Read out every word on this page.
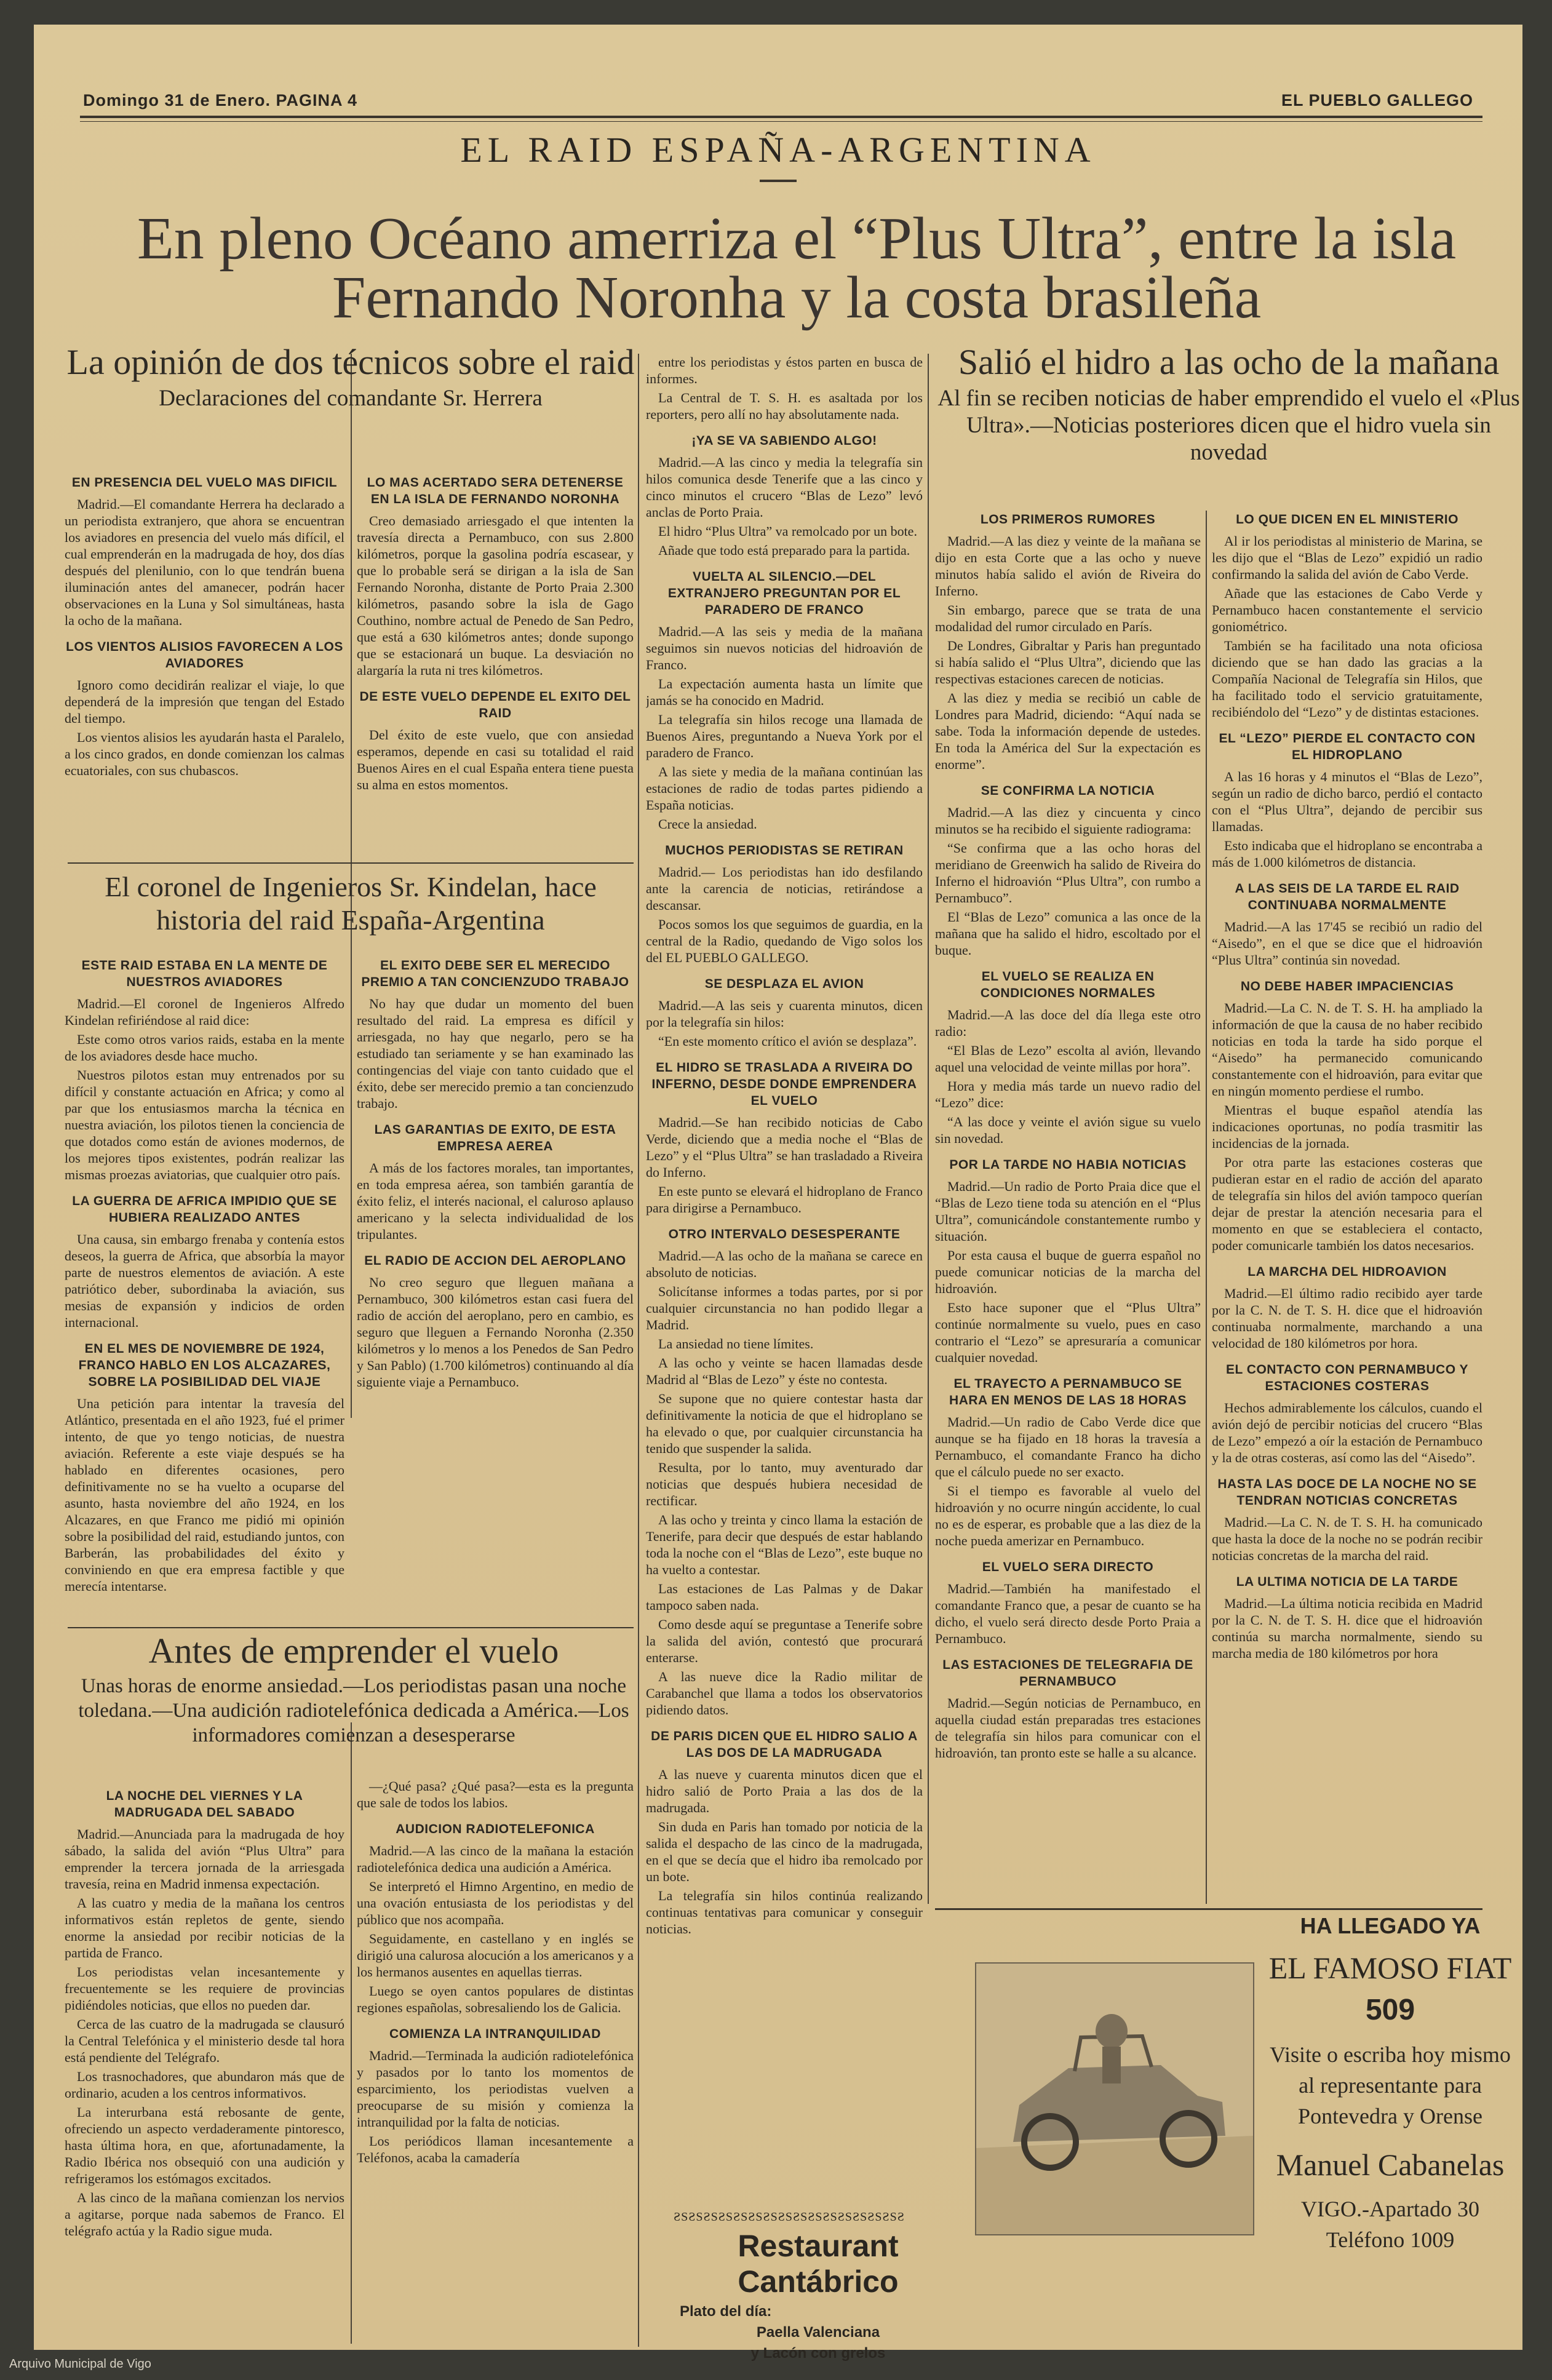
Domingo 31 de Enero. PAGINA 4	EL PUEBLO GALLEGO
EL RAID ESPAÑA-ARGENTINA
En pleno Océano amerriza el “Plus Ultra”, entre la isla
Fernando Noronha y la costa brasileña
La opinión de dos técnicos sobre el raid
Declaraciones del comandante Sr. Herrera
EN PRESENCIA DEL VUELO MAS DIFICIL
Madrid.—El comandante Herrera ha declarado a un periodista extranjero, que ahora se encuentran los aviadores en presencia del vuelo más difícil, el cual emprenderán en la madrugada de hoy, dos días después del plenilunio, con lo que tendrán buena iluminación antes del amanecer, podrán hacer observaciones en la Luna y Sol simultáneas, hasta la ocho de la mañana.
LOS VIENTOS ALISIOS FAVORECEN A LOS AVIADORES
Ignoro como decidirán realizar el viaje, lo que dependerá de la impresión que tengan del Estado del tiempo.
Los vientos alisios les ayudarán hasta el Paralelo, a los cinco grados, en donde comienzan los calmas ecuatoriales, con sus chubascos.
LO MAS ACERTADO SERA DETENERSE EN LA ISLA DE FERNANDO NORONHA
Creo demasiado arriesgado el que intenten la travesía directa a Pernambuco, con sus 2.800 kilómetros, porque la gasolina podría escasear, y que lo probable será se dirigan a la isla de San Fernando Noronha, distante de Porto Praia 2.300 kilómetros, pasando sobre la isla de Gago Couthino, nombre actual de Penedo de San Pedro, que está a 630 kilómetros antes; donde supongo que se estacionará un buque. La desviación no alargaría la ruta ni tres kilómetros.
DE ESTE VUELO DEPENDE EL EXITO DEL RAID
Del éxito de este vuelo, que con ansiedad esperamos, depende en casi su totalidad el raid Buenos Aires en el cual España entera tiene puesta su alma en estos momentos.
El coronel de Ingenieros Sr. Kindelan, hace historia del raid España-Argentina
ESTE RAID ESTABA EN LA MENTE DE NUESTROS AVIADORES
Madrid.—El coronel de Ingenieros Alfredo Kindelan refiriéndose al raid dice:
Este como otros varios raids, estaba en la mente de los aviadores desde hace mucho.
Nuestros pilotos estan muy entrenados por su difícil y constante actuación en Africa; y como al par que los entusiasmos marcha la técnica en nuestra aviación, los pilotos tienen la conciencia de que dotados como están de aviones modernos, de los mejores tipos existentes, podrán realizar las mismas proezas aviatorias, que cualquier otro país.
LA GUERRA DE AFRICA IMPIDIO QUE SE HUBIERA REALIZADO ANTES
Una causa, sin embargo frenaba y contenía estos deseos, la guerra de Africa, que absorbía la mayor parte de nuestros elementos de aviación. A este patriótico deber, subordinaba la aviación, sus mesias de expansión y indicios de orden internacional.
EN EL MES DE NOVIEMBRE DE 1924, FRANCO HABLO EN LOS ALCAZARES, SOBRE LA POSIBILIDAD DEL VIAJE
Una petición para intentar la travesía del Atlántico, presentada en el año 1923, fué el primer intento, de que yo tengo noticias, de nuestra aviación. Referente a este viaje después se ha hablado en diferentes ocasiones, pero definitivamente no se ha vuelto a ocuparse del asunto, hasta noviembre del año 1924, en los Alcazares, en que Franco me pidió mi opinión sobre la posibilidad del raid, estudiando juntos, con Barberán, las probabilidades del éxito y conviniendo en que era empresa factible y que merecía intentarse.
EL EXITO DEBE SER EL MERECIDO PREMIO A TAN CONCIENZUDO TRABAJO
No hay que dudar un momento del buen resultado del raid. La empresa es difícil y arriesgada, no hay que negarlo, pero se ha estudiado tan seriamente y se han examinado las contingencias del viaje con tanto cuidado que el éxito, debe ser merecido premio a tan concienzudo trabajo.
LAS GARANTIAS DE EXITO, DE ESTA EMPRESA AEREA
A más de los factores morales, tan importantes, en toda empresa aérea, son también garantía de éxito feliz, el interés nacional, el caluroso aplauso americano y la selecta individualidad de los tripulantes.
EL RADIO DE ACCION DEL AEROPLANO
No creo seguro que lleguen mañana a Pernambuco, 300 kilómetros estan casi fuera del radio de acción del aeroplano, pero en cambio, es seguro que lleguen a Fernando Noronha (2.350 kilómetros y lo menos a los Penedos de San Pedro y San Pablo) (1.700 kilómetros) continuando al día siguiente viaje a Pernambuco.
Antes de emprender el vuelo
Unas horas de enorme ansiedad.—Los periodistas pasan una noche toledana.—Una audición radiotelefónica dedicada a América.—Los informadores comienzan a desesperarse
LA NOCHE DEL VIERNES Y LA MADRUGADA DEL SABADO
Madrid.—Anunciada para la madrugada de hoy sábado, la salida del avión “Plus Ultra” para emprender la tercera jornada de la arriesgada travesía, reina en Madrid inmensa expectación.
A las cuatro y media de la mañana los centros informativos están repletos de gente, siendo enorme la ansiedad por recibir noticias de la partida de Franco.
Los periodistas velan incesantemente y frecuentemente se les requiere de provincias pidiéndoles noticias, que ellos no pueden dar.
Cerca de las cuatro de la madrugada se clausuró la Central Telefónica y el ministerio desde tal hora está pendiente del Telégrafo.
Los trasnochadores, que abundaron más que de ordinario, acuden a los centros informativos.
La interurbana está rebosante de gente, ofreciendo un aspecto verdaderamente pintoresco, hasta última hora, en que, afortunadamente, la Radio Ibérica nos obsequió con una audición y refrigeramos los estómagos excitados.
A las cinco de la mañana comienzan los nervios a agitarse, porque nada sabemos de Franco. El telégrafo actúa y la Radio sigue muda.
—¿Qué pasa? ¿Qué pasa?—esta es la pregunta que sale de todos los labios.
AUDICION RADIOTELEFONICA
Madrid.—A las cinco de la mañana la estación radiotelefónica dedica una audición a América.
Se interpretó el Himno Argentino, en medio de una ovación entusiasta de los periodistas y del público que nos acompaña.
Seguidamente, en castellano y en inglés se dirigió una calurosa alocución a los americanos y a los hermanos ausentes en aquellas tierras.
Luego se oyen cantos populares de distintas regiones españolas, sobresaliendo los de Galicia.
COMIENZA LA INTRANQUILIDAD
Madrid.—Terminada la audición radiotelefónica y pasados por lo tanto los momentos de esparcimiento, los periodistas vuelven a preocuparse de su misión y comienza la intranquilidad por la falta de noticias.
Los periódicos llaman incesantemente a Teléfonos, acaba la camadería
entre los periodistas y éstos parten en busca de informes.
La Central de T. S. H. es asaltada por los reporters, pero allí no hay absolutamente nada.
¡YA SE VA SABIENDO ALGO!
Madrid.—A las cinco y media la telegrafía sin hilos comunica desde Tenerife que a las cinco y cinco minutos el crucero “Blas de Lezo” levó anclas de Porto Praia.
El hidro “Plus Ultra” va remolcado por un bote.
Añade que todo está preparado para la partida.
VUELTA AL SILENCIO.—DEL EXTRANJERO PREGUNTAN POR EL PARADERO DE FRANCO
Madrid.—A las seis y media de la mañana seguimos sin nuevos noticias del hidroavión de Franco.
La expectación aumenta hasta un límite que jamás se ha conocido en Madrid.
La telegrafía sin hilos recoge una llamada de Buenos Aires, preguntando a Nueva York por el paradero de Franco.
A las siete y media de la mañana continúan las estaciones de radio de todas partes pidiendo a España noticias.
Crece la ansiedad.
MUCHOS PERIODISTAS SE RETIRAN
Madrid.— Los periodistas han ido desfilando ante la carencia de noticias, retirándose a descansar.
Pocos somos los que seguimos de guardia, en la central de la Radio, quedando de Vigo solos los del EL PUEBLO GALLEGO.
SE DESPLAZA EL AVION
Madrid.—A las seis y cuarenta minutos, dicen por la telegrafía sin hilos:
“En este momento crítico el avión se desplaza”.
EL HIDRO SE TRASLADA A RIVEIRA DO INFERNO, DESDE DONDE EMPRENDERA EL VUELO
Madrid.—Se han recibido noticias de Cabo Verde, diciendo que a media noche el “Blas de Lezo” y el “Plus Ultra” se han trasladado a Riveira do Inferno.
En este punto se elevará el hidroplano de Franco para dirigirse a Pernambuco.
OTRO INTERVALO DESESPERANTE
Madrid.—A las ocho de la mañana se carece en absoluto de noticias.
Solicítanse informes a todas partes, por si por cualquier circunstancia no han podido llegar a Madrid.
La ansiedad no tiene límites.
A las ocho y veinte se hacen llamadas desde Madrid al “Blas de Lezo” y éste no contesta.
Se supone que no quiere contestar hasta dar definitivamente la noticia de que el hidroplano se ha elevado o que, por cualquier circunstancia ha tenido que suspender la salida.
Resulta, por lo tanto, muy aventurado dar noticias que después hubiera necesidad de rectificar.
A las ocho y treinta y cinco llama la estación de Tenerife, para decir que después de estar hablando toda la noche con el “Blas de Lezo”, este buque no ha vuelto a contestar.
Las estaciones de Las Palmas y de Dakar tampoco saben nada.
Como desde aquí se preguntase a Tenerife sobre la salida del avión, contestó que procurará enterarse.
A las nueve dice la Radio militar de Carabanchel que llama a todos los observatorios pidiendo datos.
DE PARIS DICEN QUE EL HIDRO SALIO A LAS DOS DE LA MADRUGADA
A las nueve y cuarenta minutos dicen que el hidro salió de Porto Praia a las dos de la madrugada.
Sin duda en Paris han tomado por noticia de la salida el despacho de las cinco de la madrugada, en el que se decía que el hidro iba remolcado por un bote.
La telegrafía sin hilos continúa realizando continuas tentativas para comunicar y conseguir noticias.
ƧSƧSƧSƧSƧSƧSƧSƧSƧSƧSƧSƧSƧSƧSƧSƧ
Restaurant Cantábrico
Plato del día:
Paella Valenciana
y Lacón con grelos
Salió el hidro a las ocho de la mañana
Al fin se reciben noticias de haber emprendido el vuelo el «Plus Ultra».—Noticias posteriores dicen que el hidro vuela sin novedad
LOS PRIMEROS RUMORES
Madrid.—A las diez y veinte de la mañana se dijo en esta Corte que a las ocho y nueve minutos había salido el avión de Riveira do Inferno.
Sin embargo, parece que se trata de una modalidad del rumor circulado en París.
De Londres, Gibraltar y Paris han preguntado si había salido el “Plus Ultra”, diciendo que las respectivas estaciones carecen de noticias.
A las diez y media se recibió un cable de Londres para Madrid, diciendo: “Aquí nada se sabe. Toda la información depende de ustedes. En toda la América del Sur la expectación es enorme”.
SE CONFIRMA LA NOTICIA
Madrid.—A las diez y cincuenta y cinco minutos se ha recibido el siguiente radiograma:
“Se confirma que a las ocho horas del meridiano de Greenwich ha salido de Riveira do Inferno el hidroavión “Plus Ultra”, con rumbo a Pernambuco”.
El “Blas de Lezo” comunica a las once de la mañana que ha salido el hidro, escoltado por el buque.
EL VUELO SE REALIZA EN CONDICIONES NORMALES
Madrid.—A las doce del día llega este otro radio:
“El Blas de Lezo” escolta al avión, llevando aquel una velocidad de veinte millas por hora”.
Hora y media más tarde un nuevo radio del “Lezo” dice:
“A las doce y veinte el avión sigue su vuelo sin novedad.
POR LA TARDE NO HABIA NOTICIAS
Madrid.—Un radio de Porto Praia dice que el “Blas de Lezo tiene toda su atención en el “Plus Ultra”, comunicándole constantemente rumbo y situación.
Por esta causa el buque de guerra español no puede comunicar noticias de la marcha del hidroavión.
Esto hace suponer que el “Plus Ultra” continúe normalmente su vuelo, pues en caso contrario el “Lezo” se apresuraría a comunicar cualquier novedad.
EL TRAYECTO A PERNAMBUCO SE HARA EN MENOS DE LAS 18 HORAS
Madrid.—Un radio de Cabo Verde dice que aunque se ha fijado en 18 horas la travesía a Pernambuco, el comandante Franco ha dicho que el cálculo puede no ser exacto.
Si el tiempo es favorable al vuelo del hidroavión y no ocurre ningún accidente, lo cual no es de esperar, es probable que a las diez de la noche pueda amerizar en Pernambuco.
EL VUELO SERA DIRECTO
Madrid.—También ha manifestado el comandante Franco que, a pesar de cuanto se ha dicho, el vuelo será directo desde Porto Praia a Pernambuco.
LAS ESTACIONES DE TELEGRAFIA DE PERNAMBUCO
Madrid.—Según noticias de Pernambuco, en aquella ciudad están preparadas tres estaciones de telegrafía sin hilos para comunicar con el hidroavión, tan pronto este se halle a su alcance.
LO QUE DICEN EN EL MINISTERIO
Al ir los periodistas al ministerio de Marina, se les dijo que el “Blas de Lezo” expidió un radio confirmando la salida del avión de Cabo Verde.
Añade que las estaciones de Cabo Verde y Pernambuco hacen constantemente el servicio goniométrico.
También se ha facilitado una nota oficiosa diciendo que se han dado las gracias a la Compañía Nacional de Telegrafía sin Hilos, que ha facilitado todo el servicio gratuitamente, recibiéndolo del “Lezo” y de distintas estaciones.
EL “LEZO” PIERDE EL CONTACTO CON EL HIDROPLANO
A las 16 horas y 4 minutos el “Blas de Lezo”, según un radio de dicho barco, perdió el contacto con el “Plus Ultra”, dejando de percibir sus llamadas.
Esto indicaba que el hidroplano se encontraba a más de 1.000 kilómetros de distancia.
A LAS SEIS DE LA TARDE EL RAID CONTINUABA NORMALMENTE
Madrid.—A las 17'45 se recibió un radio del “Aisedo”, en el que se dice que el hidroavión “Plus Ultra” continúa sin novedad.
NO DEBE HABER IMPACIENCIAS
Madrid.—La C. N. de T. S. H. ha ampliado la información de que la causa de no haber recibido noticias en toda la tarde ha sido porque el “Aisedo” ha permanecido comunicando constantemente con el hidroavión, para evitar que en ningún momento perdiese el rumbo.
Mientras el buque español atendía las indicaciones oportunas, no podía trasmitir las incidencias de la jornada.
Por otra parte las estaciones costeras que pudieran estar en el radio de acción del aparato de telegrafía sin hilos del avión tampoco querían dejar de prestar la atención necesaria para el momento en que se estableciera el contacto, poder comunicarle también los datos necesarios.
LA MARCHA DEL HIDROAVION
Madrid.—El último radio recibido ayer tarde por la C. N. de T. S. H. dice que el hidroavión continuaba normalmente, marchando a una velocidad de 180 kilómetros por hora.
EL CONTACTO CON PERNAMBUCO Y ESTACIONES COSTERAS
Hechos admirablemente los cálculos, cuando el avión dejó de percibir noticias del crucero “Blas de Lezo” empezó a oír la estación de Pernambuco y la de otras costeras, así como las del “Aisedo”.
HASTA LAS DOCE DE LA NOCHE NO SE TENDRAN NOTICIAS CONCRETAS
Madrid.—La C. N. de T. S. H. ha comunicado que hasta la doce de la noche no se podrán recibir noticias concretas de la marcha del raid.
LA ULTIMA NOTICIA DE LA TARDE
Madrid.—La última noticia recibida en Madrid por la C. N. de T. S. H. dice que el hidroavión continúa su marcha normalmente, siendo su marcha media de 180 kilómetros por hora
HA LLEGADO YA
EL FAMOSO FIAT
509
Visite o escriba hoy mismo al representante para Pontevedra y Orense
Manuel Cabanelas
VIGO.-Apartado 30
Teléfono 1009
Arquivo Municipal de Vigo
